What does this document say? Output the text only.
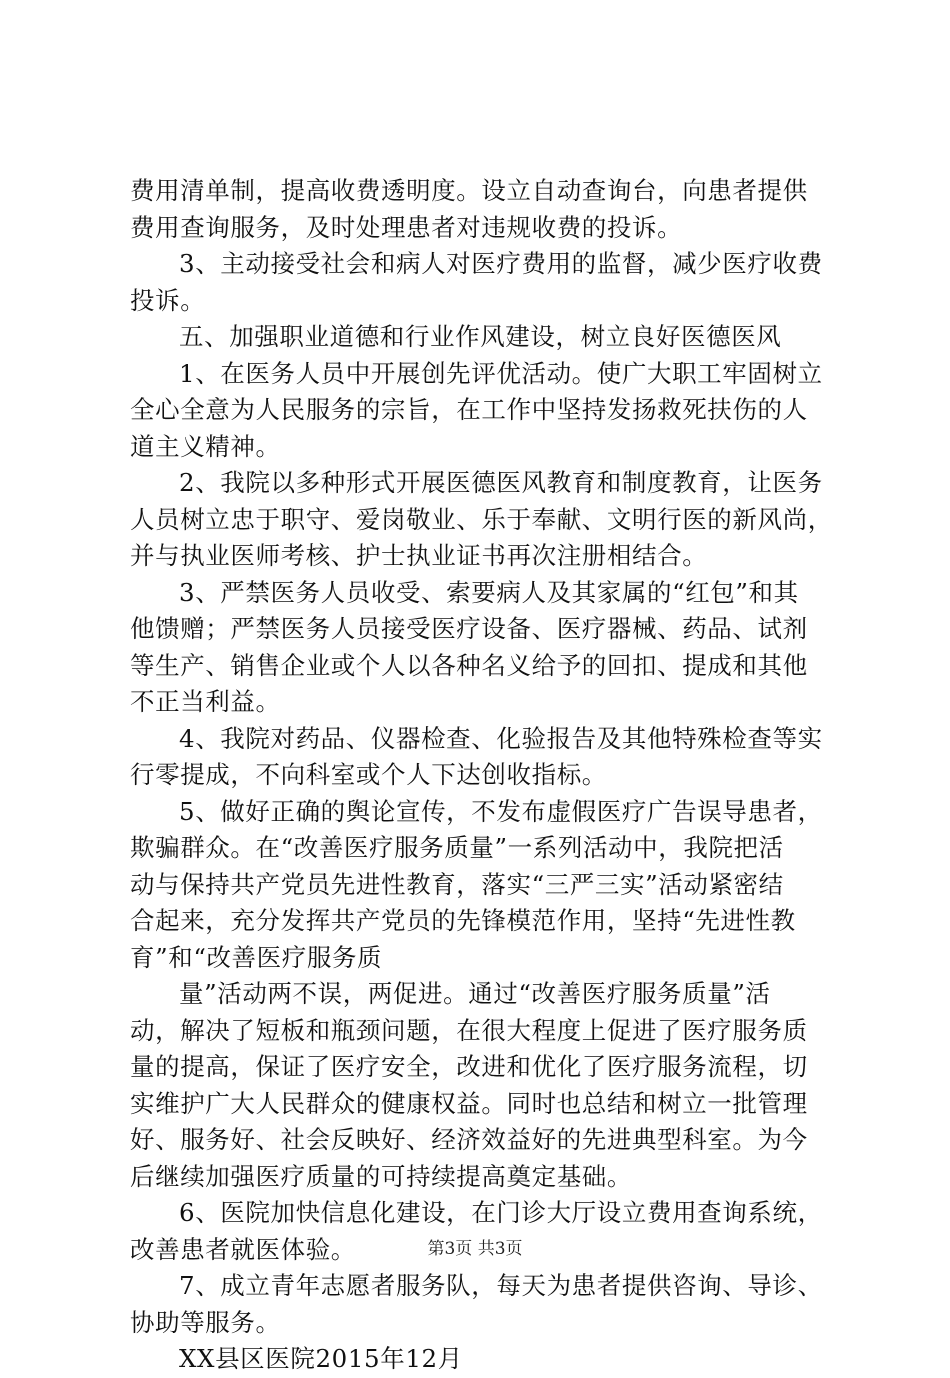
费用清单制，提高收费透明度。设立自动查询台，向患者提供
费用查询服务，及时处理患者对违规收费的投诉。
3、主动接受社会和病人对医疗费用的监督，减少医疗收费
投诉。
五、加强职业道德和行业作风建设，树立良好医德医风
1、在医务人员中开展创先评优活动。使广大职工牢固树立
全心全意为人民服务的宗旨，在工作中坚持发扬救死扶伤的人
道主义精神。
2、我院以多种形式开展医德医风教育和制度教育，让医务
人员树立忠于职守、爱岗敬业、乐于奉献、文明行医的新风尚，
并与执业医师考核、护士执业证书再次注册相结合。
3、严禁医务人员收受、索要病人及其家属的“红包”和其
他馈赠；严禁医务人员接受医疗设备、医疗器械、药品、试剂
等生产、销售企业或个人以各种名义给予的回扣、提成和其他
不正当利益。
4、我院对药品、仪器检查、化验报告及其他特殊检查等实
行零提成，不向科室或个人下达创收指标。
5、做好正确的舆论宣传，不发布虚假医疗广告误导患者，
欺骗群众。在“改善医疗服务质量”一系列活动中，我院把活
动与保持共产党员先进性教育，落实“三严三实”活动紧密结
合起来，充分发挥共产党员的先锋模范作用，坚持“先进性教
育”和“改善医疗服务质
量”活动两不误，两促进。通过“改善医疗服务质量”活
动，解决了短板和瓶颈问题，在很大程度上促进了医疗服务质
量的提高，保证了医疗安全，改进和优化了医疗服务流程，切
实维护广大人民群众的健康权益。同时也总结和树立一批管理
好、服务好、社会反映好、经济效益好的先进典型科室。为今
后继续加强医疗质量的可持续提高奠定基础。
6、医院加快信息化建设，在门诊大厅设立费用查询系统，
改善患者就医体验。
7、成立青年志愿者服务队，每天为患者提供咨询、导诊、
协助等服务。
XX县区医院2015年12月
第3页 共3页
